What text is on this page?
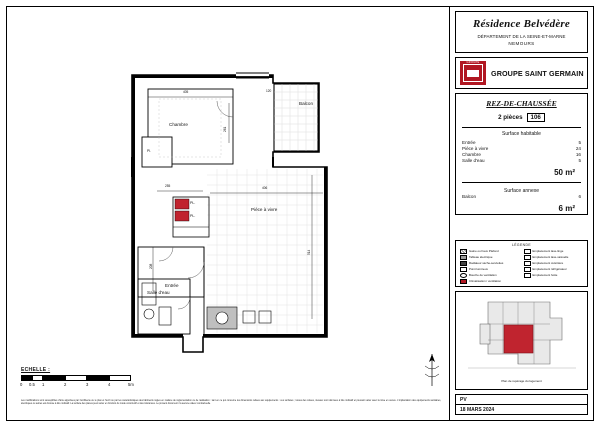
Chambre
Balcon
Pièce à vivre
Entrée
Salle d'eau
PL.
PL.
Pl.
405
261
255	406
514
208
120
ECHELLE :
0 0.5 1	2	3	4	5m
Les modifications sont susceptibles d'être apportées par l'architecte ou le plan et l'écrit ou par les caractéristiques des bâtiments régies en matière de réglementation ou de réalisation : tant en ce qui concerne les dimensions reliées aux équipements : ces surfaces ; toutes des cotées, niveaux sont données à titre indicatif et pouvant varier avec la mise en œuvre. L'implantation des équipements sanitaires, électriques ou autres est donnée à titre indicatif. La surface des pièces peut varier en fonction du mode constructif et des tolérances. Le présent document n'a aucune valeur contractuelle.
Résidence Belvédère
DÉPARTEMENT DE LA SEINE-ET-MARNE
NEMOURS
GROUPE
GROUPE SAINT GERMAIN
REZ-DE-CHAUSSÉE
2 pièces	106
Surface habitable
Entrée	5
Pièce à vivre	24
Chambre	16
Salle d'eau	5
50 m²
Surface annexe
Balcon	6
6 m²
LÉGENDE
Gaine ou Faux Plafond
Tableau électrique
Radiateur sèche-serviettes
Point lumineux
Bouche de ventilation
Climatisation / ventilation
Emplacement lave-linge
Emplacement lave-vaisselle
Emplacement cuisinière
Emplacement réfrigérateur
Emplacement hotte
Plan de repérage du logement
PV
18 MARS 2024
